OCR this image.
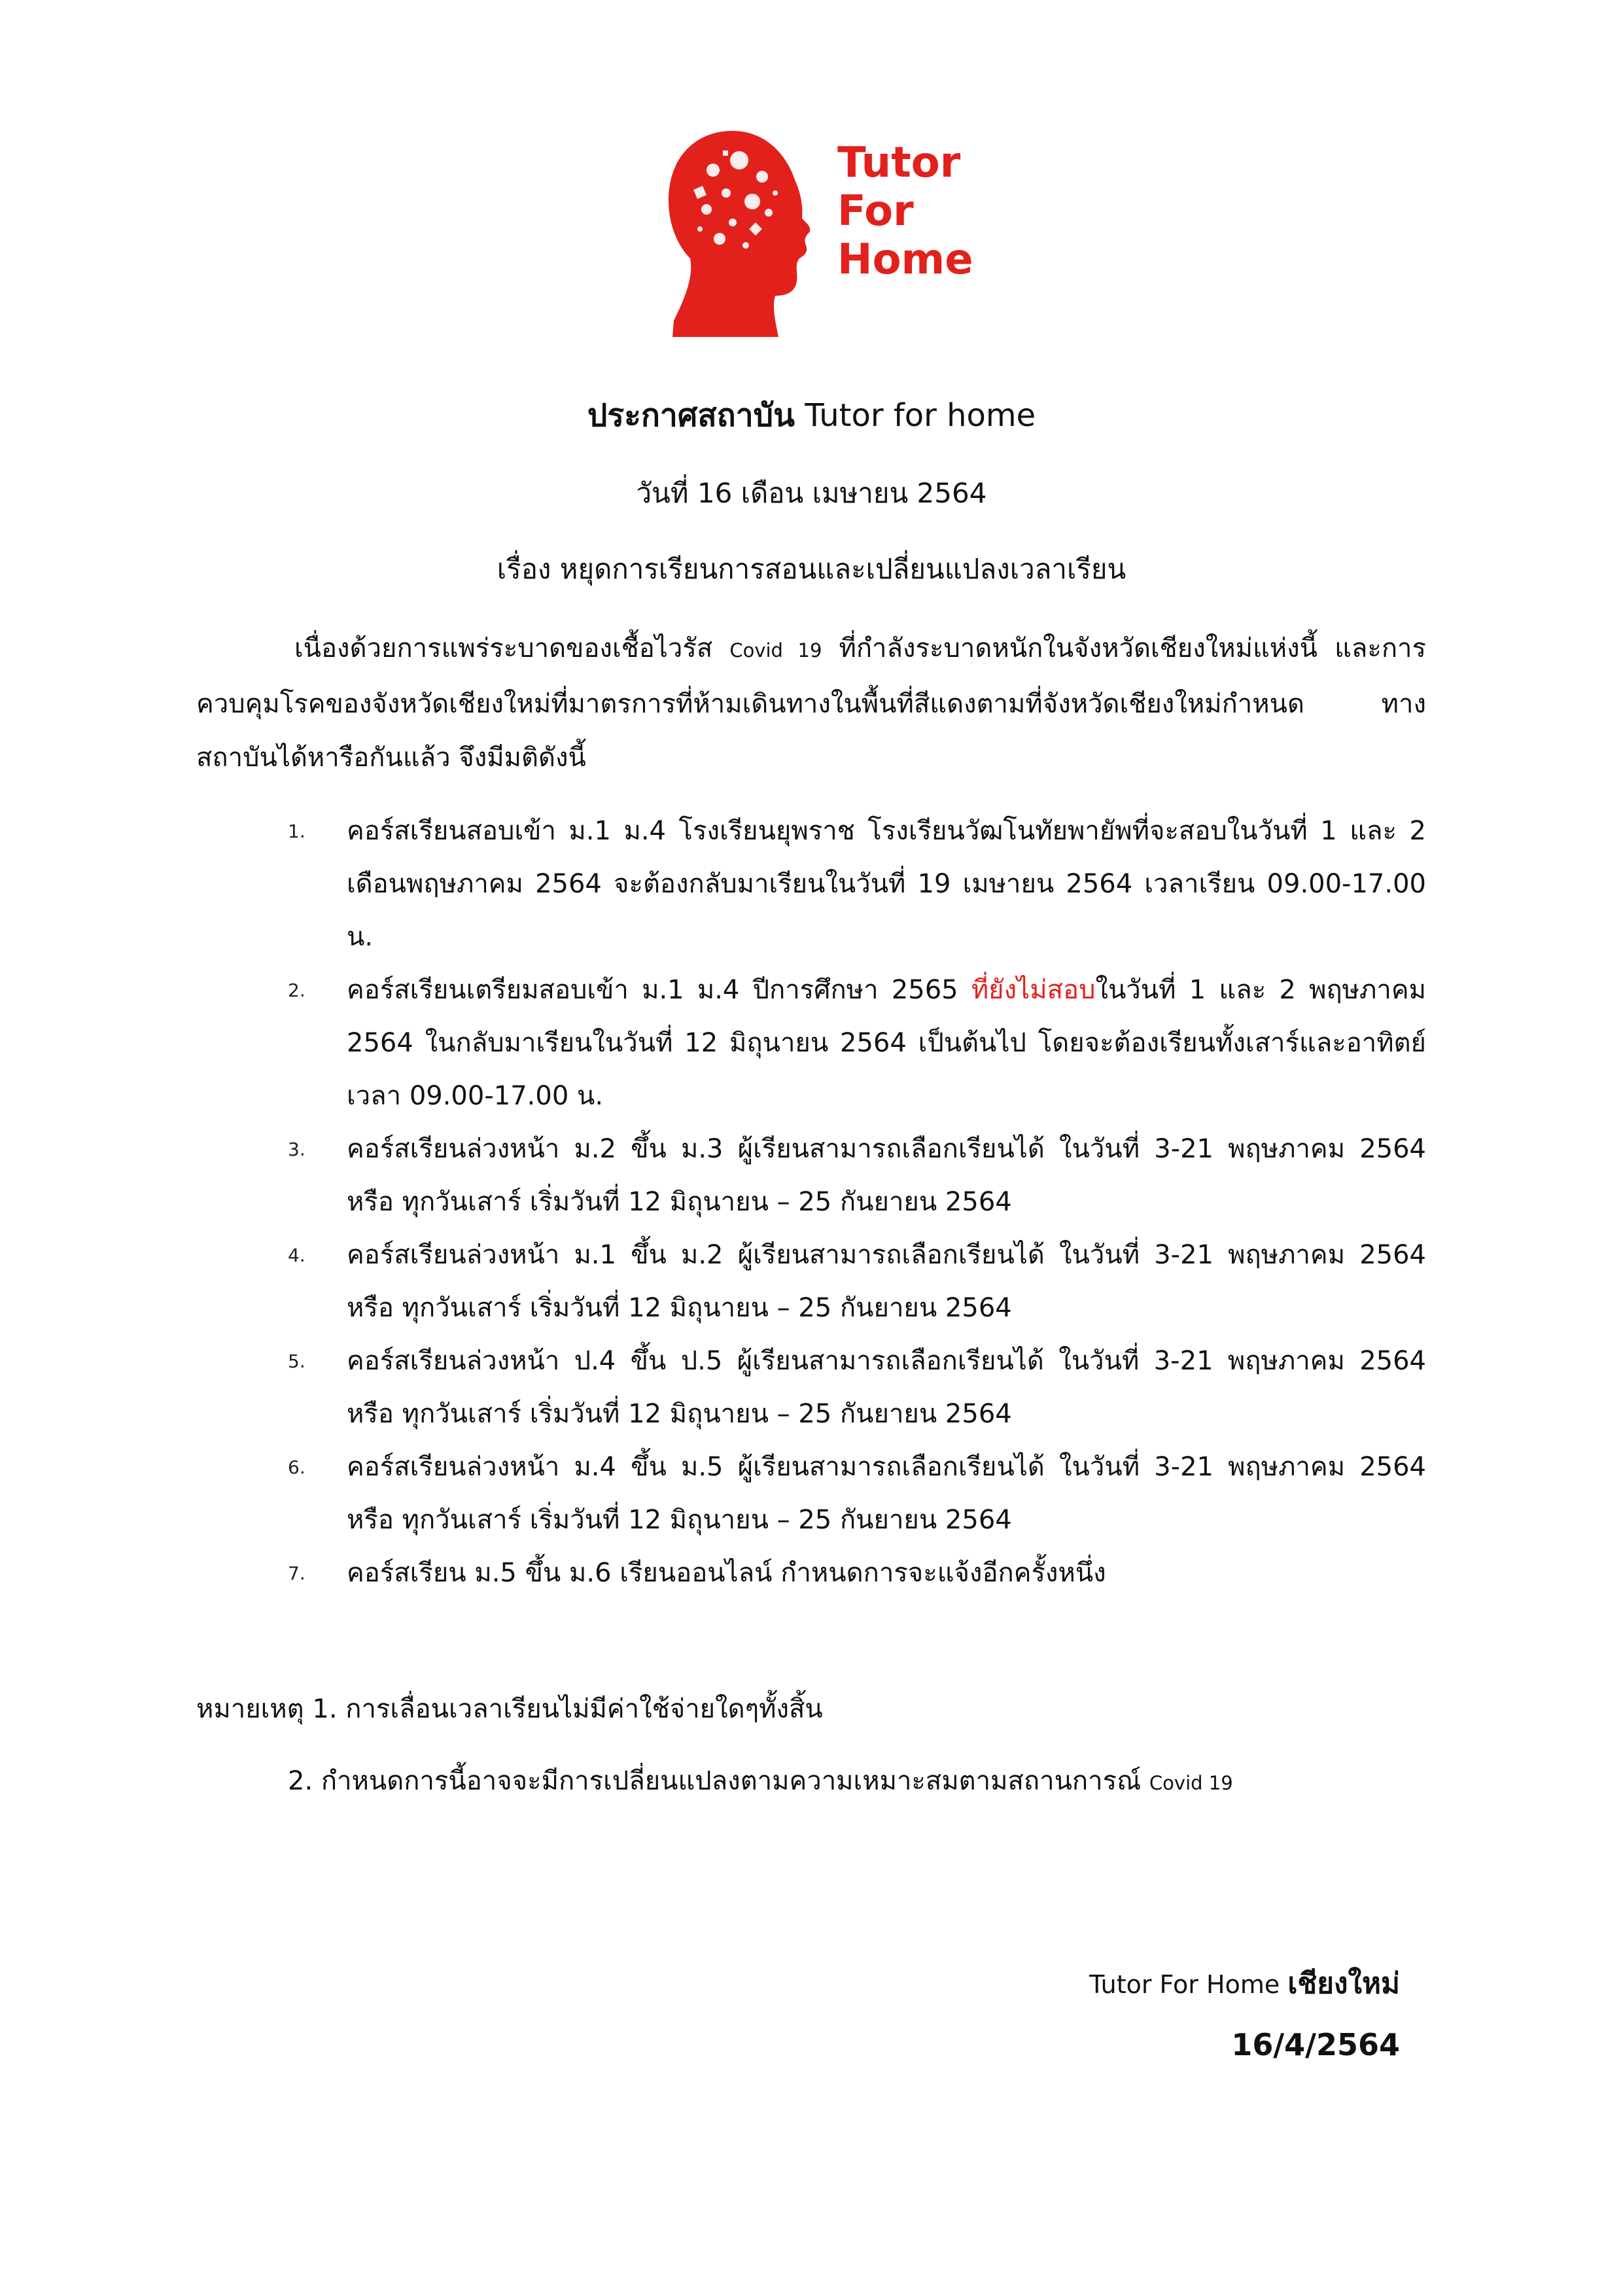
Tutor
For
Home
ประกาศสถาบัน Tutor for home
วันที่ 16 เดือน เมษายน 2564
เรื่อง หยุดการเรียนการสอนและเปลี่ยนแปลงเวลาเรียน
เนื่องด้วยการแพร่ระบาดของเชื้อไวรัส Covid 19 ที่กำลังระบาดหนักในจังหวัดเชียงใหม่แห่งนี้ และการควบคุมโรคของจังหวัดเชียงใหม่ที่มาตรการที่ห้ามเดินทางในพื้นที่สีแดงตามที่จังหวัดเชียงใหม่กำหนด ทางสถาบันได้หารือกันแล้ว จึงมีมติดังนี้
1. คอร์สเรียนสอบเข้า ม.1 ม.4 โรงเรียนยุพราช โรงเรียนวัฒโนทัยพายัพที่จะสอบในวันที่ 1 และ 2 เดือนพฤษภาคม 2564 จะต้องกลับมาเรียนในวันที่ 19 เมษายน 2564 เวลาเรียน 09.00-17.00 น.
2. คอร์สเรียนเตรียมสอบเข้า ม.1 ม.4 ปีการศึกษา 2565 ที่ยังไม่สอบในวันที่ 1 และ 2 พฤษภาคม 2564 ในกลับมาเรียนในวันที่ 12 มิถุนายน 2564 เป็นต้นไป โดยจะต้องเรียนทั้งเสาร์และอาทิตย์ เวลา 09.00-17.00 น.
3. คอร์สเรียนล่วงหน้า ม.2 ขึ้น ม.3 ผู้เรียนสามารถเลือกเรียนได้ ในวันที่ 3-21 พฤษภาคม 2564 หรือ ทุกวันเสาร์ เริ่มวันที่ 12 มิถุนายน – 25 กันยายน 2564
4. คอร์สเรียนล่วงหน้า ม.1 ขึ้น ม.2 ผู้เรียนสามารถเลือกเรียนได้ ในวันที่ 3-21 พฤษภาคม 2564 หรือ ทุกวันเสาร์ เริ่มวันที่ 12 มิถุนายน – 25 กันยายน 2564
5. คอร์สเรียนล่วงหน้า ป.4 ขึ้น ป.5 ผู้เรียนสามารถเลือกเรียนได้ ในวันที่ 3-21 พฤษภาคม 2564 หรือ ทุกวันเสาร์ เริ่มวันที่ 12 มิถุนายน – 25 กันยายน 2564
6. คอร์สเรียนล่วงหน้า ม.4 ขึ้น ม.5 ผู้เรียนสามารถเลือกเรียนได้ ในวันที่ 3-21 พฤษภาคม 2564 หรือ ทุกวันเสาร์ เริ่มวันที่ 12 มิถุนายน – 25 กันยายน 2564
7. คอร์สเรียน ม.5 ขึ้น ม.6 เรียนออนไลน์ กำหนดการจะแจ้งอีกครั้งหนึ่ง
หมายเหตุ 1. การเลื่อนเวลาเรียนไม่มีค่าใช้จ่ายใดๆทั้งสิ้น
2. กำหนดการนี้อาจจะมีการเปลี่ยนแปลงตามความเหมาะสมตามสถานการณ์ Covid 19
Tutor For Home เชียงใหม่
16/4/2564
